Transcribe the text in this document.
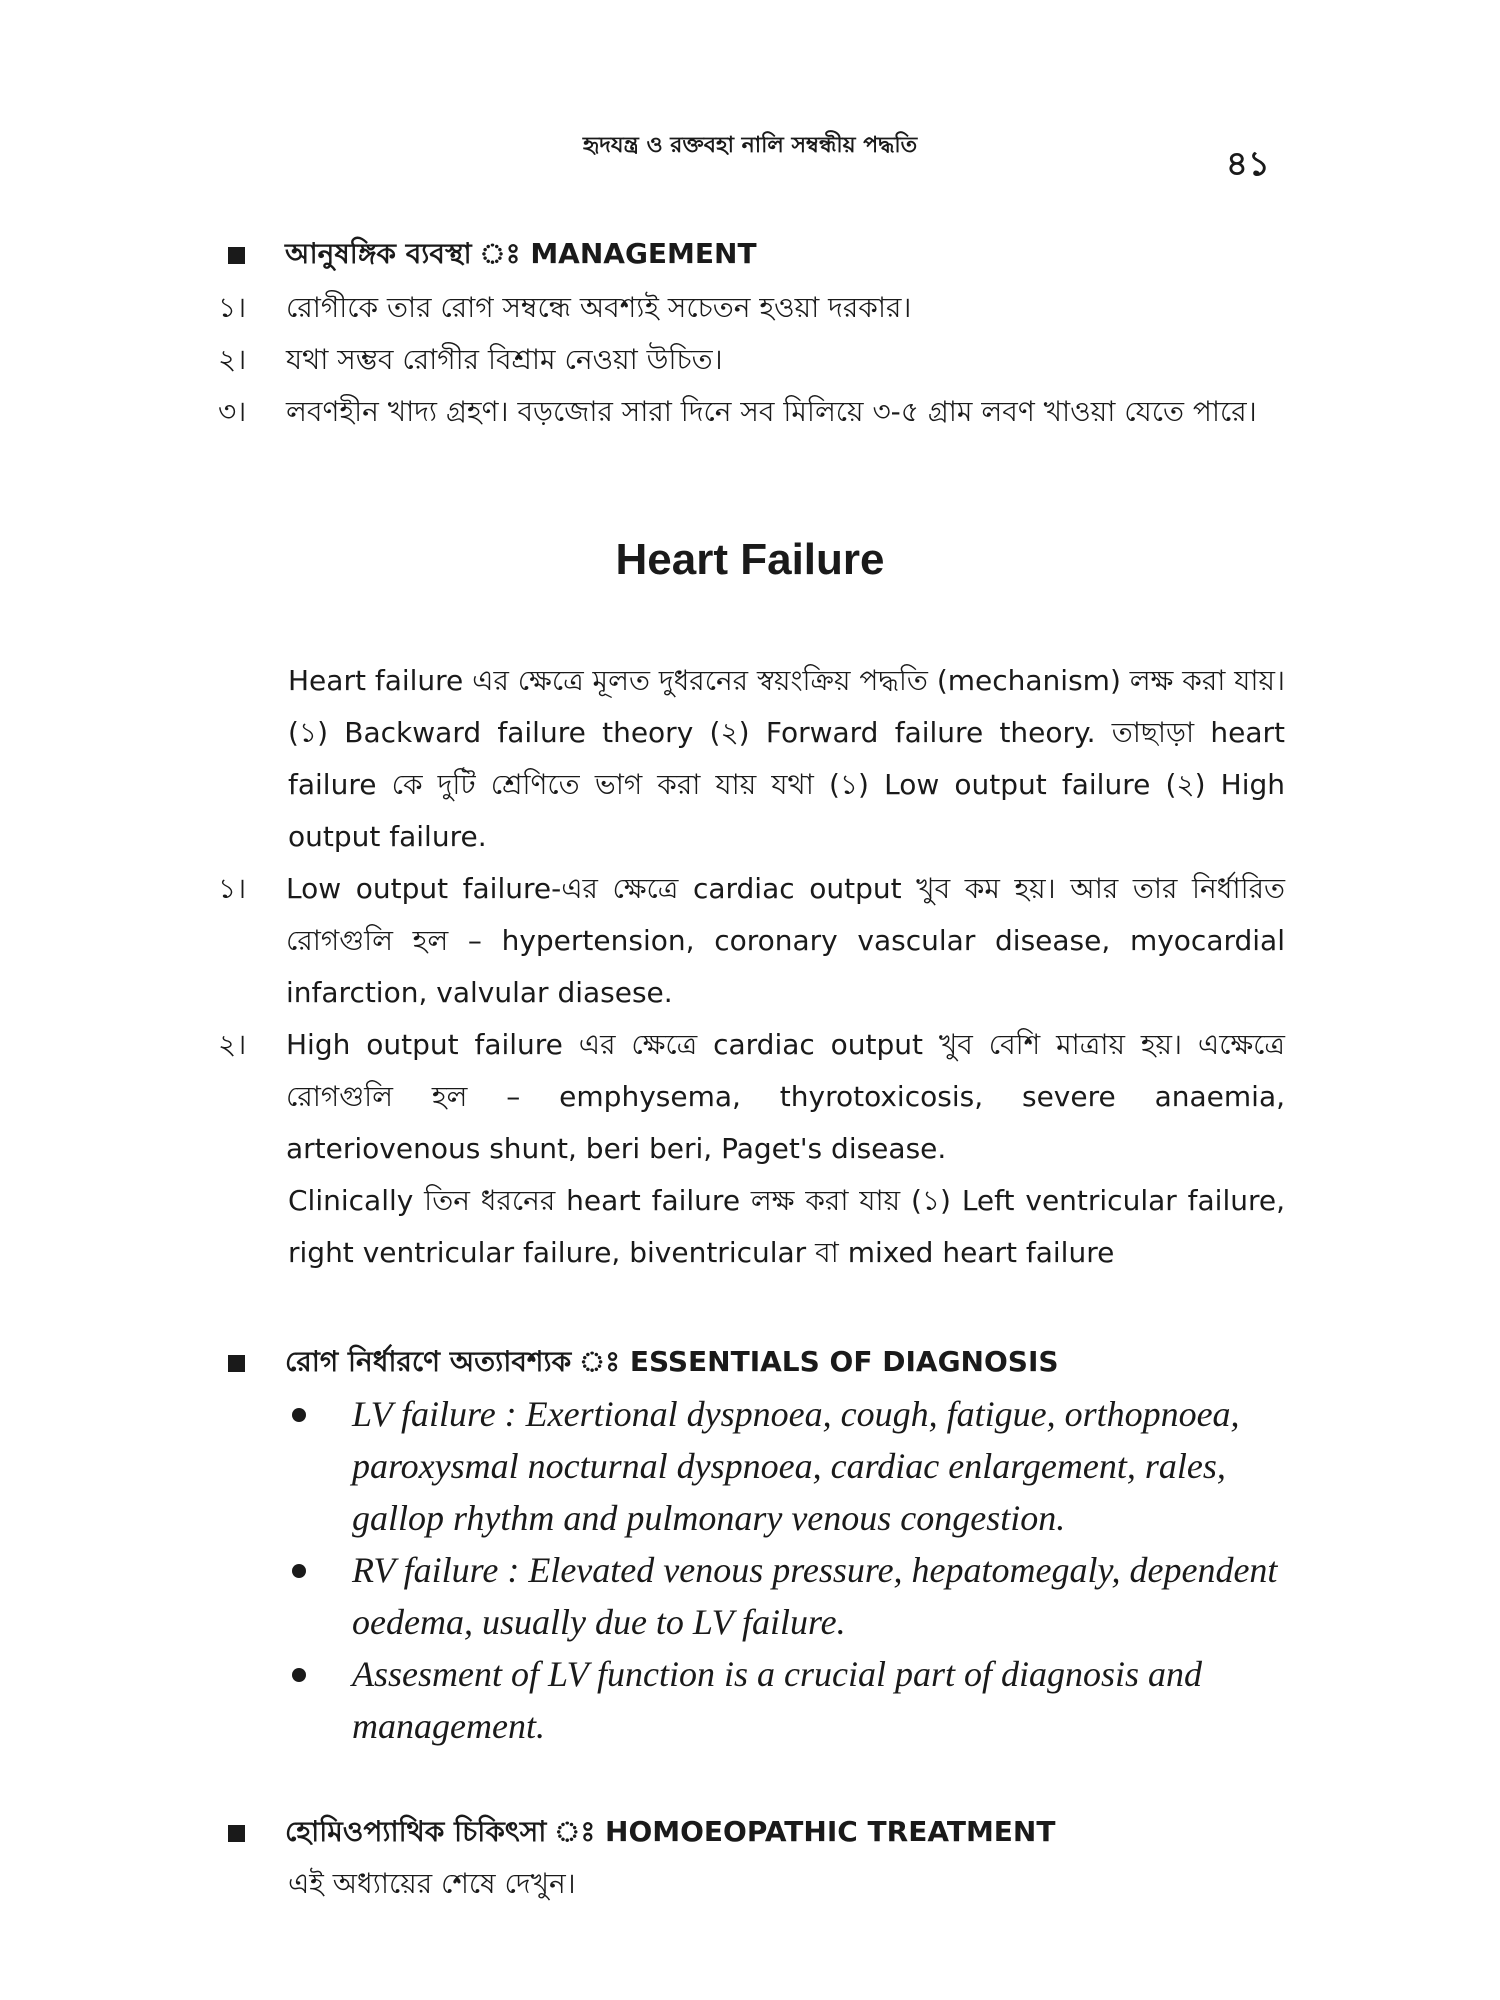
হৃদযন্ত্র ও রক্তবহা নালি সম্বন্ধীয় পদ্ধতি	৪১
আনুষঙ্গিক ব্যবস্থা ঃ MANAGEMENT
১।	রোগীকে তার রোগ সম্বন্ধে অবশ্যই সচেতন হওয়া দরকার।
২।	যথা সম্ভব রোগীর বিশ্রাম নেওয়া উচিত।
৩।	লবণহীন খাদ্য গ্রহণ। বড়জোর সারা দিনে সব মিলিয়ে ৩-৫ গ্রাম লবণ খাওয়া যেতে পারে।
Heart Failure
Heart failure এর ক্ষেত্রে মূলত দুধরনের স্বয়ংক্রিয় পদ্ধতি (mechanism) লক্ষ করা যায়। (১) Backward failure theory (২) Forward failure theory. তাছাড়া heart failure কে দুটি শ্রেণিতে ভাগ করা যায় যথা (১) Low output failure (২) High output failure.
১।	Low output failure-এর ক্ষেত্রে cardiac output খুব কম হয়। আর তার নির্ধারিত রোগগুলি হল – hypertension, coronary vascular disease, myocardial infarction, valvular diasese.
২।	High output failure এর ক্ষেত্রে cardiac output খুব বেশি মাত্রায় হয়। এক্ষেত্রে রোগগুলি হল – emphysema, thyrotoxicosis, severe anaemia, arteriovenous shunt, beri beri, Paget's disease.
Clinically তিন ধরনের heart failure লক্ষ করা যায় (১) Left ventricular failure, right ventricular failure, biventricular বা mixed heart failure
রোগ নির্ধারণে অত্যাবশ্যক ঃ ESSENTIALS OF DIAGNOSIS
LV failure : Exertional dyspnoea, cough, fatigue, orthopnoea, paroxysmal nocturnal dyspnoea, cardiac enlargement, rales, gallop rhythm and pulmonary venous congestion.
RV failure : Elevated venous pressure, hepatomegaly, dependent oedema, usually due to LV failure.
Assesment of LV function is a crucial part of diagnosis and management.
হোমিওপ্যাথিক চিকিৎসা ঃ HOMOEOPATHIC TREATMENT
এই অধ্যায়ের শেষে দেখুন।
